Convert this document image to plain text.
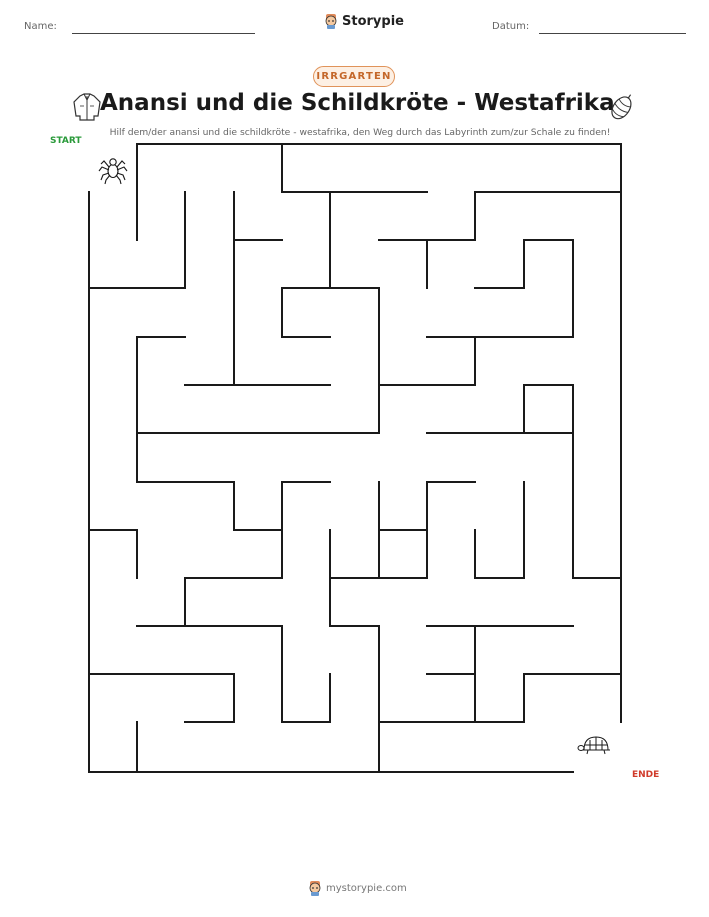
Name:	Storypie	Datum:
IRRGARTEN
Anansi und die Schildkröte - Westafrika
Hilf dem/der anansi und die schildkröte - westafrika, den Weg durch das Labyrinth zum/zur Schale zu finden!
START
ENDE
mystorypie.com
